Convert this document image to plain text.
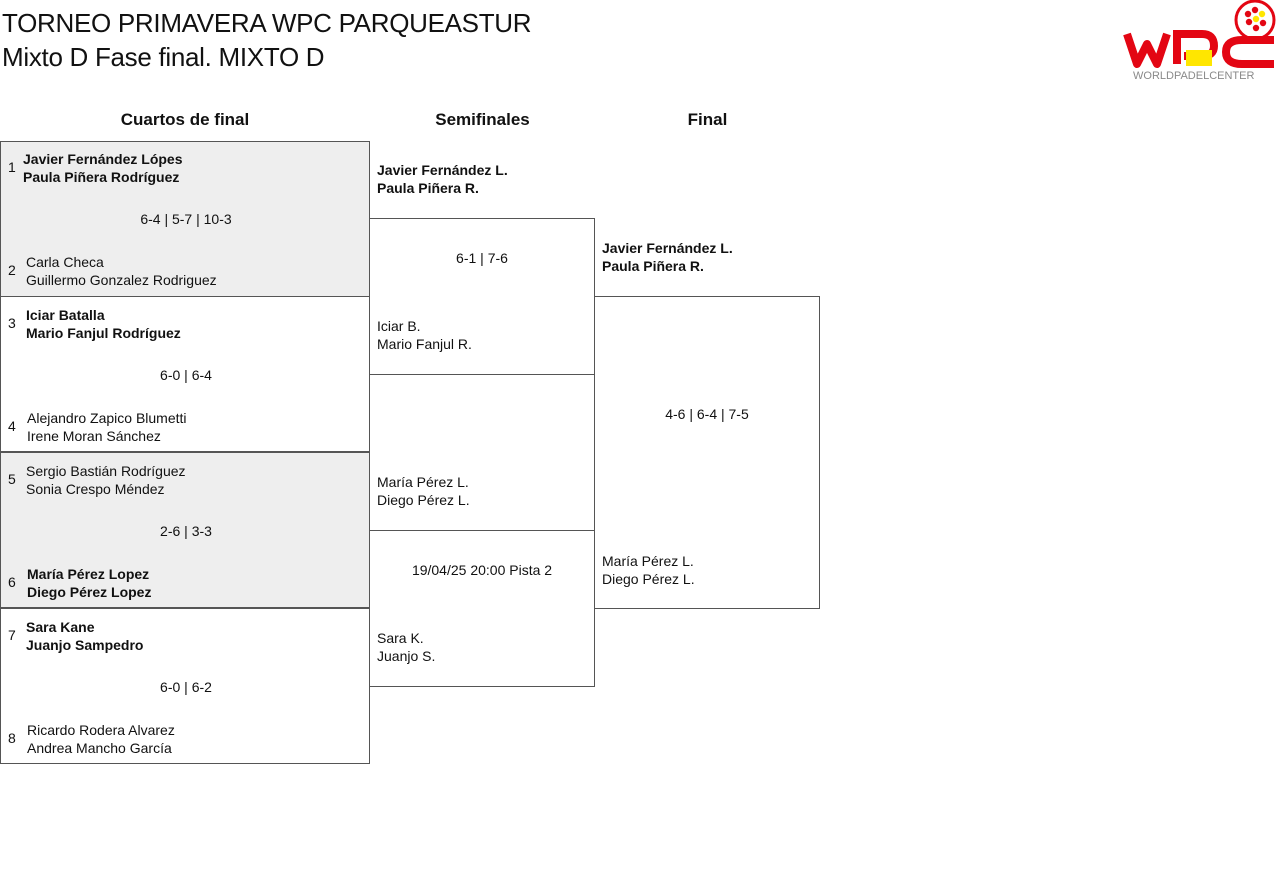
TORNEO PRIMAVERA WPC PARQUEASTUR
Mixto D Fase final. MIXTO D
WORLDPADELCENTER
Cuartos de final	Semifinales	Final
1 Javier Fernández Lópes
Paula Piñera Rodríguez
6-4 | 5-7 | 10-3
2 Carla Checa
Guillermo Gonzalez Rodriguez
3 Iciar Batalla
Mario Fanjul Rodríguez
6-0 | 6-4
4 Alejandro Zapico Blumetti
Irene Moran Sánchez
5 Sergio Bastián Rodríguez
Sonia Crespo Méndez
2-6 | 3-3
6 María Pérez Lopez
Diego Pérez Lopez
7 Sara Kane
Juanjo Sampedro
6-0 | 6-2
8 Ricardo Rodera Alvarez
Andrea Mancho García
Javier Fernández L.
Paula Piñera R.
6-1 | 7-6
Iciar B.
Mario Fanjul R.
María Pérez L.
Diego Pérez L.
19/04/25 20:00 Pista 2
Sara K.
Juanjo S.
Javier Fernández L.
Paula Piñera R.
4-6 | 6-4 | 7-5
María Pérez L.
Diego Pérez L.
